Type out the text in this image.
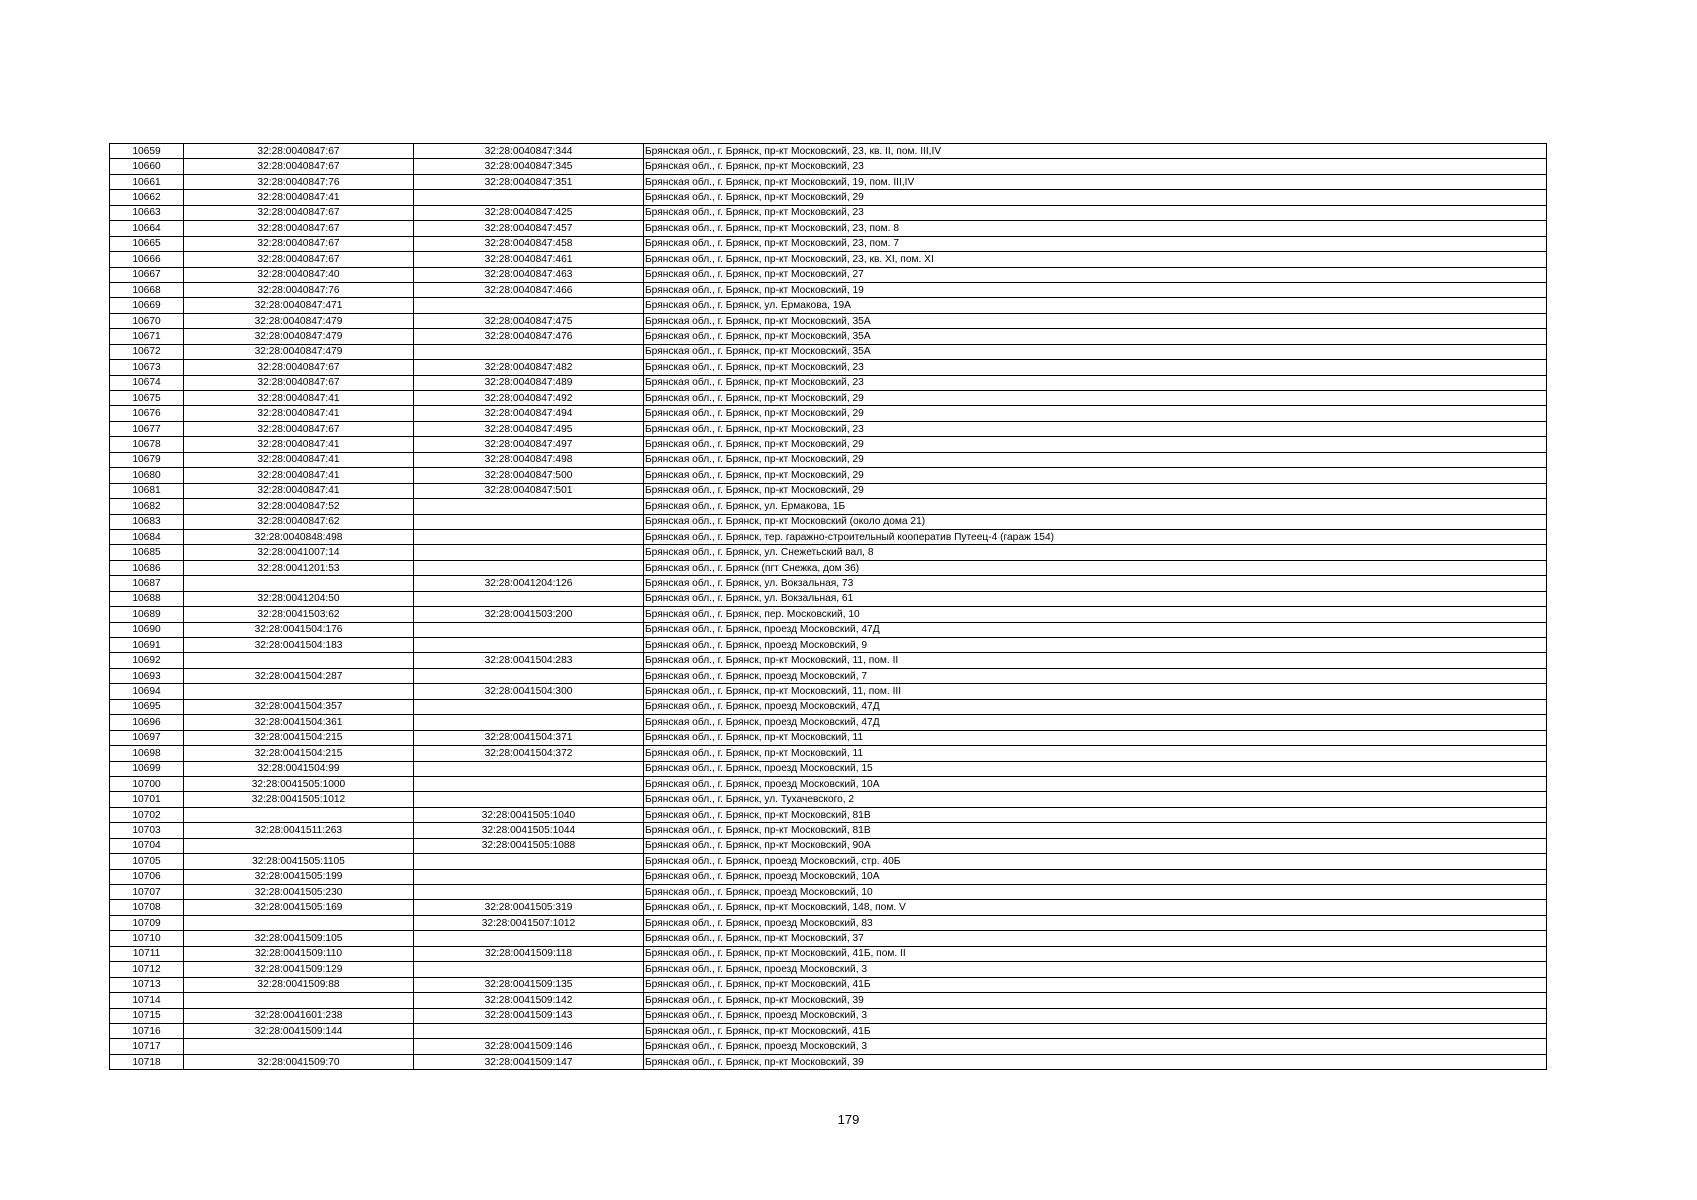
10659	32:28:0040847:67	32:28:0040847:344	Брянская обл., г. Брянск, пр-кт Московский, 23, кв. II, пом. III,IV
10660	32:28:0040847:67	32:28:0040847:345	Брянская обл., г. Брянск, пр-кт Московский, 23
10661	32:28:0040847:76	32:28:0040847:351	Брянская обл., г. Брянск, пр-кт Московский, 19, пом. III,IV
10662	32:28:0040847:41		Брянская обл., г. Брянск, пр-кт Московский, 29
10663	32:28:0040847:67	32:28:0040847:425	Брянская обл., г. Брянск, пр-кт Московский, 23
10664	32:28:0040847:67	32:28:0040847:457	Брянская обл., г. Брянск, пр-кт Московский, 23, пом. 8
10665	32:28:0040847:67	32:28:0040847:458	Брянская обл., г. Брянск, пр-кт Московский, 23, пом. 7
10666	32:28:0040847:67	32:28:0040847:461	Брянская обл., г. Брянск, пр-кт Московский, 23, кв. XI, пом. XI
10667	32:28:0040847:40	32:28:0040847:463	Брянская обл., г. Брянск, пр-кт Московский, 27
10668	32:28:0040847:76	32:28:0040847:466	Брянская обл., г. Брянск, пр-кт Московский, 19
10669	32:28:0040847:471		Брянская обл., г. Брянск, ул. Ермакова, 19А
10670	32:28:0040847:479	32:28:0040847:475	Брянская обл., г. Брянск, пр-кт Московский, 35А
10671	32:28:0040847:479	32:28:0040847:476	Брянская обл., г. Брянск, пр-кт Московский, 35А
10672	32:28:0040847:479		Брянская обл., г. Брянск, пр-кт Московский, 35А
10673	32:28:0040847:67	32:28:0040847:482	Брянская обл., г. Брянск, пр-кт Московский, 23
10674	32:28:0040847:67	32:28:0040847:489	Брянская обл., г. Брянск, пр-кт Московский, 23
10675	32:28:0040847:41	32:28:0040847:492	Брянская обл., г. Брянск, пр-кт Московский, 29
10676	32:28:0040847:41	32:28:0040847:494	Брянская обл., г. Брянск, пр-кт Московский, 29
10677	32:28:0040847:67	32:28:0040847:495	Брянская обл., г. Брянск, пр-кт Московский, 23
10678	32:28:0040847:41	32:28:0040847:497	Брянская обл., г. Брянск, пр-кт Московский, 29
10679	32:28:0040847:41	32:28:0040847:498	Брянская обл., г. Брянск, пр-кт Московский, 29
10680	32:28:0040847:41	32:28:0040847:500	Брянская обл., г. Брянск, пр-кт Московский, 29
10681	32:28:0040847:41	32:28:0040847:501	Брянская обл., г. Брянск, пр-кт Московский, 29
10682	32:28:0040847:52		Брянская обл., г. Брянск, ул. Ермакова, 1Б
10683	32:28:0040847:62		Брянская обл., г. Брянск, пр-кт Московский (около дома 21)
10684	32:28:0040848:498		Брянская обл., г. Брянск, тер. гаражно-строительный кооператив Путеец-4 (гараж 154)
10685	32:28:0041007:14		Брянская обл., г. Брянск, ул. Снежетьский вал, 8
10686	32:28:0041201:53		Брянская обл., г. Брянск (пгт Снежка, дом 36)
10687		32:28:0041204:126	Брянская обл., г. Брянск, ул. Вокзальная, 73
10688	32:28:0041204:50		Брянская обл., г. Брянск, ул. Вокзальная, 61
10689	32:28:0041503:62	32:28:0041503:200	Брянская обл., г. Брянск, пер. Московский, 10
10690	32:28:0041504:176		Брянская обл., г. Брянск, проезд Московский, 47Д
10691	32:28:0041504:183		Брянская обл., г. Брянск, проезд Московский, 9
10692		32:28:0041504:283	Брянская обл., г. Брянск, пр-кт Московский, 11, пом. II
10693	32:28:0041504:287		Брянская обл., г. Брянск, проезд Московский, 7
10694		32:28:0041504:300	Брянская обл., г. Брянск, пр-кт Московский, 11, пом. III
10695	32:28:0041504:357		Брянская обл., г. Брянск, проезд Московский, 47Д
10696	32:28:0041504:361		Брянская обл., г. Брянск, проезд Московский, 47Д
10697	32:28:0041504:215	32:28:0041504:371	Брянская обл., г. Брянск, пр-кт Московский, 11
10698	32:28:0041504:215	32:28:0041504:372	Брянская обл., г. Брянск, пр-кт Московский, 11
10699	32:28:0041504:99		Брянская обл., г. Брянск, проезд Московский, 15
10700	32:28:0041505:1000		Брянская обл., г. Брянск, проезд Московский, 10А
10701	32:28:0041505:1012		Брянская обл., г. Брянск, ул. Тухачевского, 2
10702		32:28:0041505:1040	Брянская обл., г. Брянск, пр-кт Московский, 81В
10703	32:28:0041511:263	32:28:0041505:1044	Брянская обл., г. Брянск, пр-кт Московский, 81В
10704		32:28:0041505:1088	Брянская обл., г. Брянск, пр-кт Московский, 90А
10705	32:28:0041505:1105		Брянская обл., г. Брянск, проезд Московский, стр. 40Б
10706	32:28:0041505:199		Брянская обл., г. Брянск, проезд Московский, 10А
10707	32:28:0041505:230		Брянская обл., г. Брянск, проезд Московский, 10
10708	32:28:0041505:169	32:28:0041505:319	Брянская обл., г. Брянск, пр-кт Московский, 148, пом. V
10709		32:28:0041507:1012	Брянская обл., г. Брянск, проезд Московский, 83
10710	32:28:0041509:105		Брянская обл., г. Брянск, пр-кт Московский, 37
10711	32:28:0041509:110	32:28:0041509:118	Брянская обл., г. Брянск, пр-кт Московский, 41Б, пом. II
10712	32:28:0041509:129		Брянская обл., г. Брянск, проезд Московский, 3
10713	32:28:0041509:88	32:28:0041509:135	Брянская обл., г. Брянск, пр-кт Московский, 41Б
10714		32:28:0041509:142	Брянская обл., г. Брянск, пр-кт Московский, 39
10715	32:28:0041601:238	32:28:0041509:143	Брянская обл., г. Брянск, проезд Московский, 3
10716	32:28:0041509:144		Брянская обл., г. Брянск, пр-кт Московский, 41Б
10717		32:28:0041509:146	Брянская обл., г. Брянск, проезд Московский, 3
10718	32:28:0041509:70	32:28:0041509:147	Брянская обл., г. Брянск, пр-кт Московский, 39
179
